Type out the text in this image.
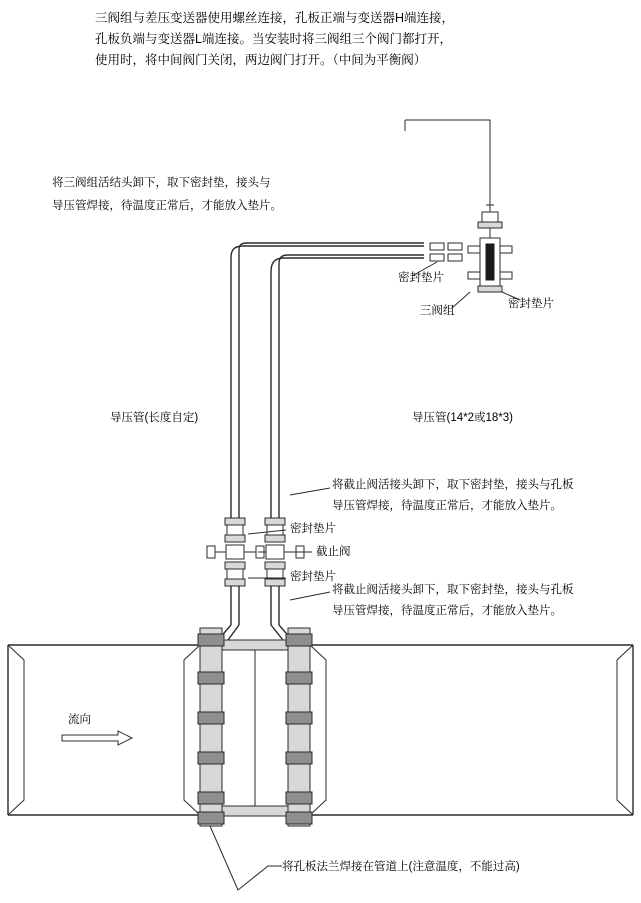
三阀组与差压变送器使用螺丝连接，孔板正端与变送器H端连接，
孔板负端与变送器L端连接。当安装时将三阀组三个阀门都打开，
使用时，将中间阀门关闭，两边阀门打开。（中间为平衡阀）
将三阀组活结头卸下，取下密封垫，接头与
导压管焊接，待温度正常后，才能放入垫片。
密封垫片
三阀组
密封垫片
导压管(长度自定)	导压管(14*2或18*3)
将截止阀活接头卸下，取下密封垫，接头与孔板
导压管焊接，待温度正常后，才能放入垫片。
密封垫片
截止阀
密封垫片
将截止阀活接头卸下，取下密封垫，接头与孔板
导压管焊接，待温度正常后，才能放入垫片。
流向
将孔板法兰焊接在管道上(注意温度，不能过高)
